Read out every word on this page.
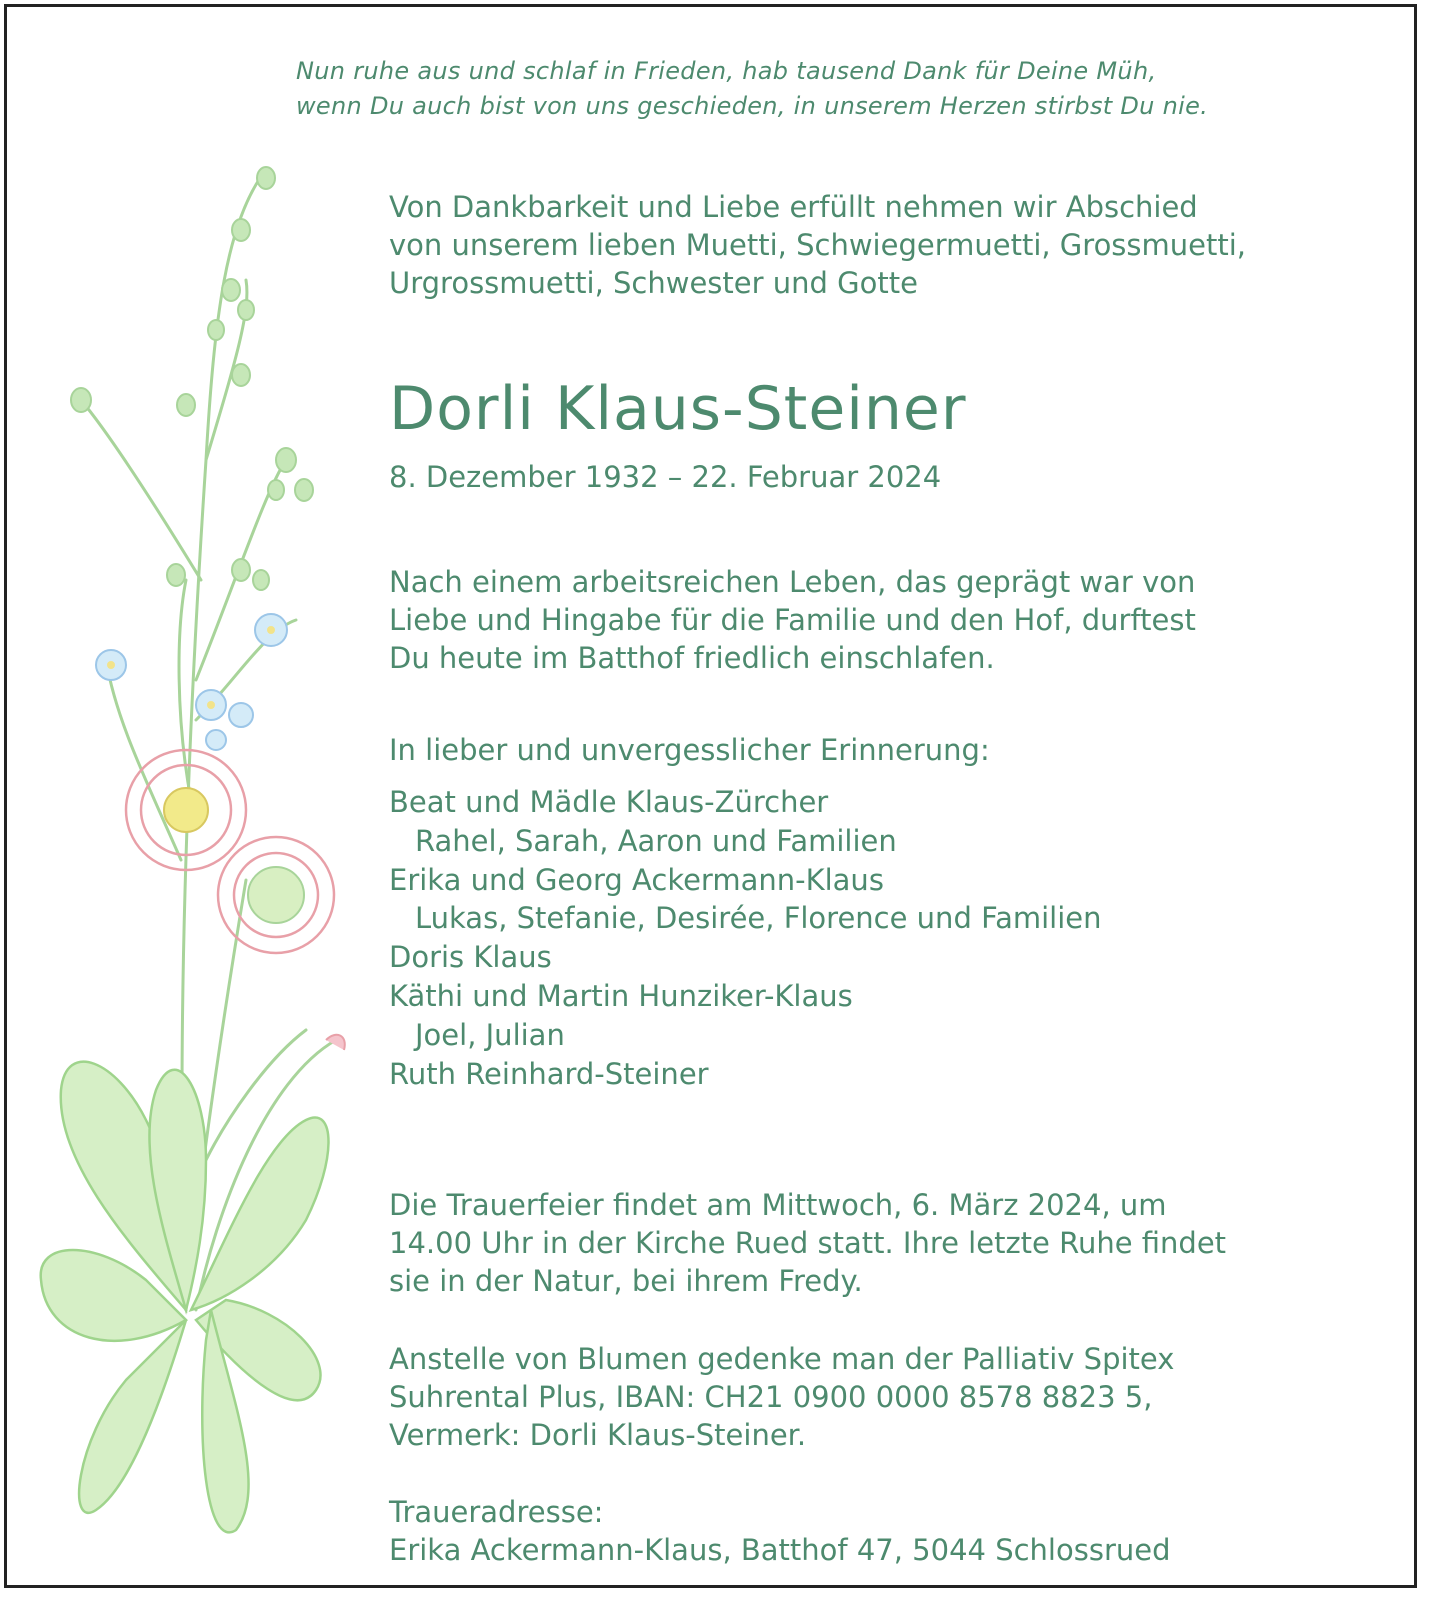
Nun ruhe aus und schlaf in Frieden, hab tausend Dank für Deine Müh,
wenn Du auch bist von uns geschieden, in unserem Herzen stirbst Du nie.
Von Dankbarkeit und Liebe erfüllt nehmen wir Abschied
von unserem lieben Muetti, Schwiegermuetti, Grossmuetti,
Urgrossmuetti, Schwester und Gotte
Dorli Klaus-Steiner
8. Dezember 1932 – 22. Februar 2024
Nach einem arbeitsreichen Leben, das geprägt war von
Liebe und Hingabe für die Familie und den Hof, durftest
Du heute im Batthof friedlich einschlafen.
In lieber und unvergesslicher Erinnerung:
Beat und Mädle Klaus-Zürcher
Rahel, Sarah, Aaron und Familien
Erika und Georg Ackermann-Klaus
Lukas, Stefanie, Desirée, Florence und Familien
Doris Klaus
Käthi und Martin Hunziker-Klaus
Joel, Julian
Ruth Reinhard-Steiner
Die Trauerfeier findet am Mittwoch, 6. März 2024, um
14.00 Uhr in der Kirche Rued statt. Ihre letzte Ruhe findet
sie in der Natur, bei ihrem Fredy.
Anstelle von Blumen gedenke man der Palliativ Spitex
Suhrental Plus, IBAN: CH21 0900 0000 8578 8823 5,
Vermerk: Dorli Klaus-Steiner.
Traueradresse:
Erika Ackermann-Klaus, Batthof 47, 5044 Schlossrued
